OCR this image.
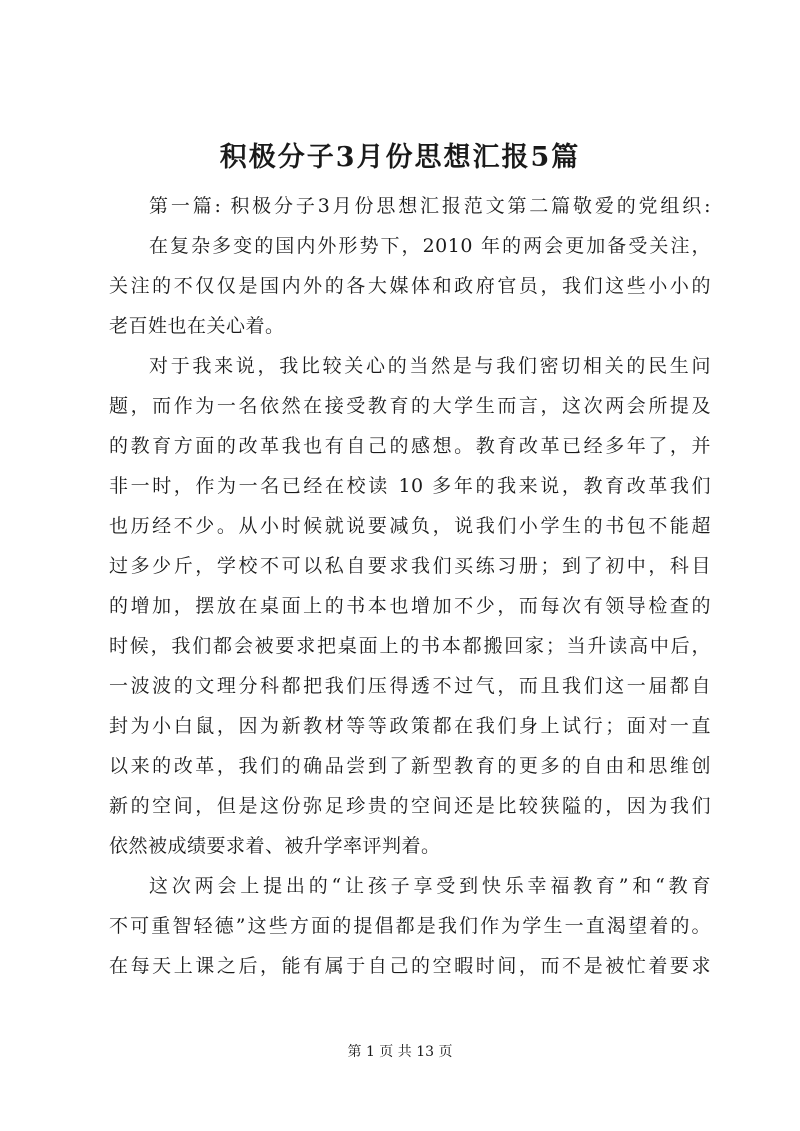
积极分子3月份思想汇报5篇
第一篇: 积极分子3月份思想汇报范文第二篇敬爱的党组织:
在复杂多变的国内外形势下，2010 年的两会更加备受关注，
关注的不仅仅是国内外的各大媒体和政府官员，我们这些小小的
老百姓也在关心着。
对于我来说，我比较关心的当然是与我们密切相关的民生问
题，而作为一名依然在接受教育的大学生而言，这次两会所提及
的教育方面的改革我也有自己的感想。教育改革已经多年了，并
非一时，作为一名已经在校读 10 多年的我来说，教育改革我们
也历经不少。从小时候就说要减负，说我们小学生的书包不能超
过多少斤，学校不可以私自要求我们买练习册；到了初中，科目
的增加，摆放在桌面上的书本也增加不少，而每次有领导检查的
时候，我们都会被要求把桌面上的书本都搬回家；当升读高中后，
一波波的文理分科都把我们压得透不过气，而且我们这一届都自
封为小白鼠，因为新教材等等政策都在我们身上试行；面对一直
以来的改革，我们的确品尝到了新型教育的更多的自由和思维创
新的空间，但是这份弥足珍贵的空间还是比较狭隘的，因为我们
依然被成绩要求着、被升学率评判着。
这次两会上提出的“让孩子享受到快乐幸福教育”和“教育
不可重智轻德”这些方面的提倡都是我们作为学生一直渴望着的。
在每天上课之后，能有属于自己的空暇时间，而不是被忙着要求
第 1 页 共 13 页
